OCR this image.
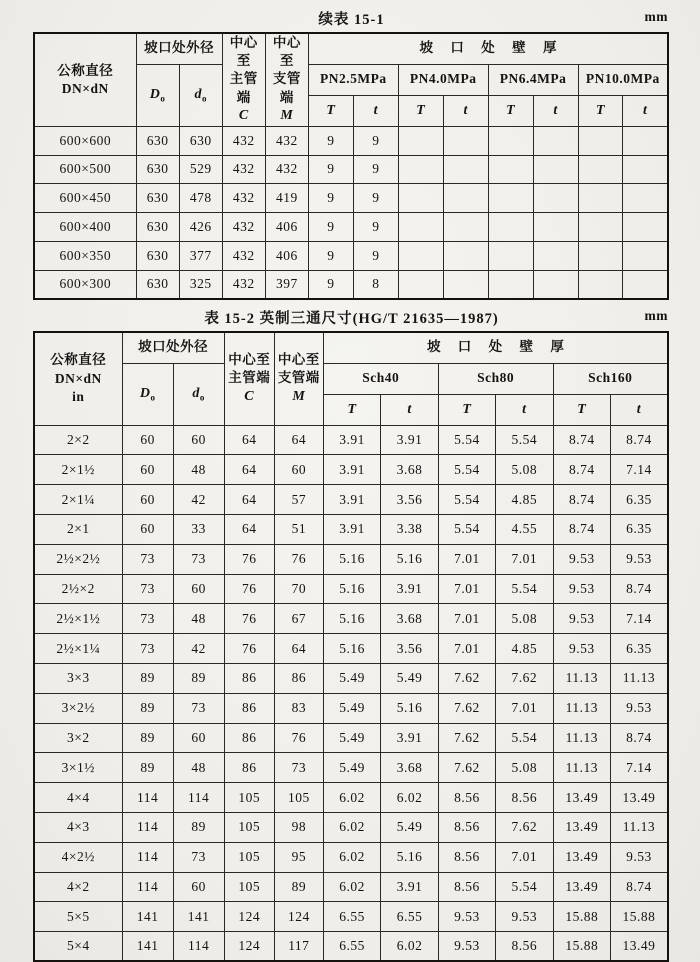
续表 15-1	mm
公称直径
DN×dN	坡口处外径		中心至
主管端
C	中心至
支管端
M	坡 口 处 壁 厚							
	$D_o$	$d_o$			PN2.5MPa		PN4.0MPa		PN6.4MPa		PN10.0MPa	
					T	t	T	t	T	t	T	t
600×600	630	630	432	432	9	9						
600×500	630	529	432	432	9	9						
600×450	630	478	432	419	9	9						
600×400	630	426	432	406	9	9						
600×350	630	377	432	406	9	9						
600×300	630	325	432	397	9	8						
表 15-2 英制三通尺寸(HG/T 21635—1987)	mm
公称直径
DN×dN
in	坡口处外径		中心至
主管端
C	中心至
支管端
M	坡 口 处 壁 厚					
	$D_o$	$d_o$			Sch40		Sch80		Sch160	
					T	t	T	t	T	t
2×2	60	60	64	64	3.91	3.91	5.54	5.54	8.74	8.74
2×1½	60	48	64	60	3.91	3.68	5.54	5.08	8.74	7.14
2×1¼	60	42	64	57	3.91	3.56	5.54	4.85	8.74	6.35
2×1	60	33	64	51	3.91	3.38	5.54	4.55	8.74	6.35
2½×2½	73	73	76	76	5.16	5.16	7.01	7.01	9.53	9.53
2½×2	73	60	76	70	5.16	3.91	7.01	5.54	9.53	8.74
2½×1½	73	48	76	67	5.16	3.68	7.01	5.08	9.53	7.14
2½×1¼	73	42	76	64	5.16	3.56	7.01	4.85	9.53	6.35
3×3	89	89	86	86	5.49	5.49	7.62	7.62	11.13	11.13
3×2½	89	73	86	83	5.49	5.16	7.62	7.01	11.13	9.53
3×2	89	60	86	76	5.49	3.91	7.62	5.54	11.13	8.74
3×1½	89	48	86	73	5.49	3.68	7.62	5.08	11.13	7.14
4×4	114	114	105	105	6.02	6.02	8.56	8.56	13.49	13.49
4×3	114	89	105	98	6.02	5.49	8.56	7.62	13.49	11.13
4×2½	114	73	105	95	6.02	5.16	8.56	7.01	13.49	9.53
4×2	114	60	105	89	6.02	3.91	8.56	5.54	13.49	8.74
5×5	141	141	124	124	6.55	6.55	9.53	9.53	15.88	15.88
5×4	141	114	124	117	6.55	6.02	9.53	8.56	15.88	13.49
